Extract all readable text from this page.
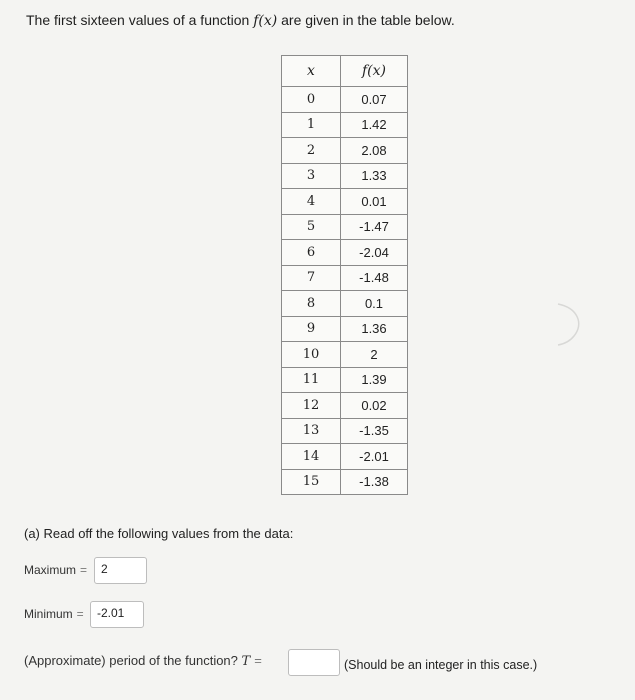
The first sixteen values of a function f(x) are given in the table below.
x	f(x)
0	0.07
1	1.42
2	2.08
3	1.33
4	0.01
5	-1.47
6	-2.04
7	-1.48
8	0.1
9	1.36
10	2
11	1.39
12	0.02
13	-1.35
14	-2.01
15	-1.38
(a) Read off the following values from the data:
Maximum =	2
Minimum =	-2.01
(Approximate) period of the function? T =	(Should be an integer in this case.)
